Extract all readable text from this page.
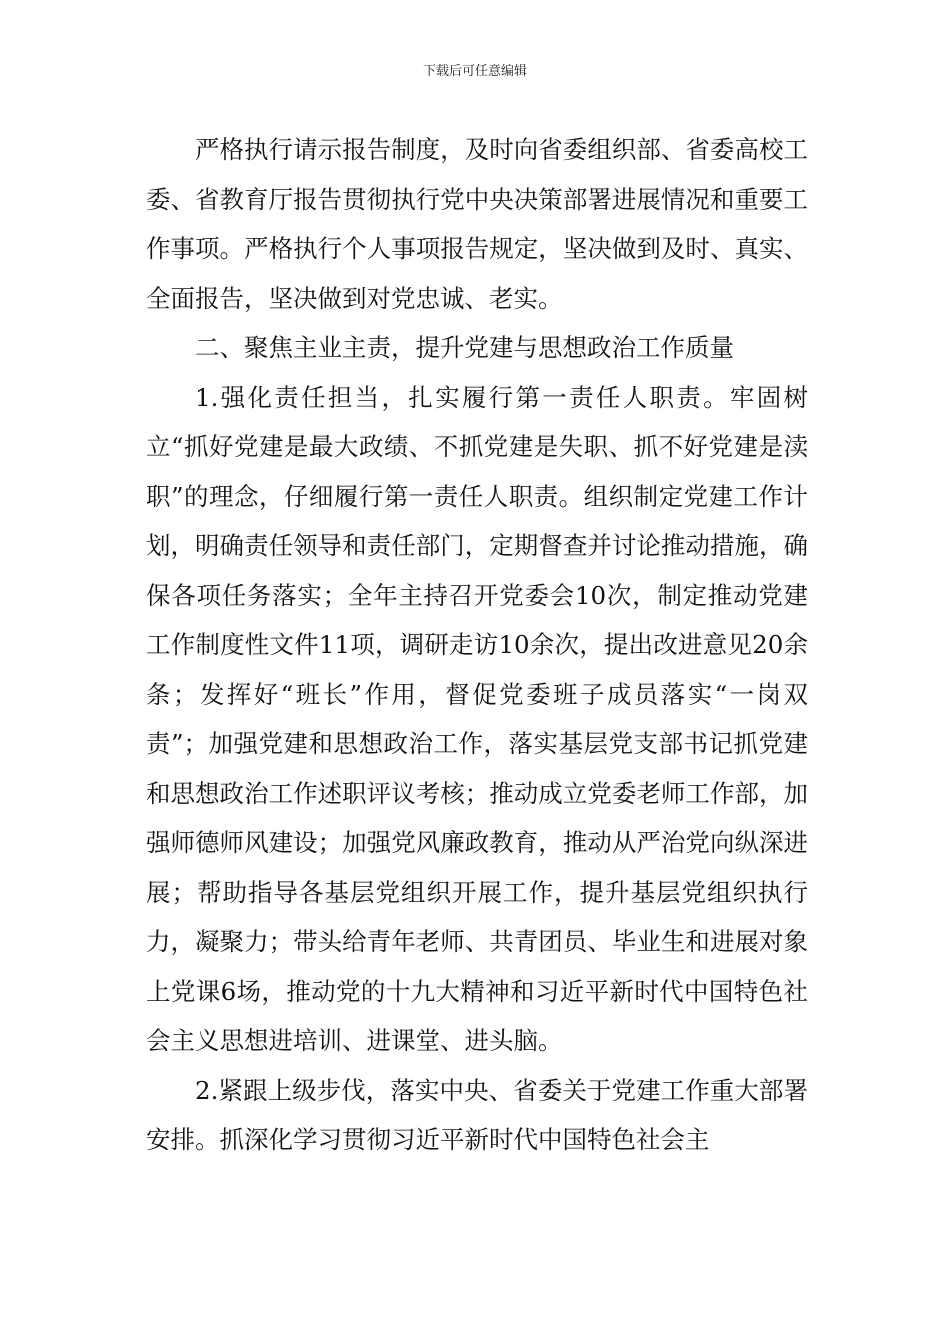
下载后可任意编辑

严格执行请示报告制度，及时向省委组织部、省委高校工委、省教育厅报告贯彻执行党中央决策部署进展情况和重要工作事项。严格执行个人事项报告规定，坚决做到及时、真实、全面报告，坚决做到对党忠诚、老实。

二、聚焦主业主责，提升党建与思想政治工作质量

1.强化责任担当，扎实履行第一责任人职责。牢固树立“抓好党建是最大政绩、不抓党建是失职、抓不好党建是渎职”的理念，仔细履行第一责任人职责。组织制定党建工作计划，明确责任领导和责任部门，定期督查并讨论推动措施，确保各项任务落实；全年主持召开党委会10次，制定推动党建工作制度性文件11项，调研走访10余次，提出改进意见20余条；发挥好“班长”作用，督促党委班子成员落实“一岗双责”；加强党建和思想政治工作，落实基层党支部书记抓党建和思想政治工作述职评议考核；推动成立党委老师工作部，加强师德师风建设；加强党风廉政教育，推动从严治党向纵深进展；帮助指导各基层党组织开展工作，提升基层党组织执行力，凝聚力；带头给青年老师、共青团员、毕业生和进展对象上党课6场，推动党的十九大精神和习近平新时代中国特色社会主义思想进培训、进课堂、进头脑。

2.紧跟上级步伐，落实中央、省委关于党建工作重大部署安排。抓深化学习贯彻习近平新时代中国特色社会主
